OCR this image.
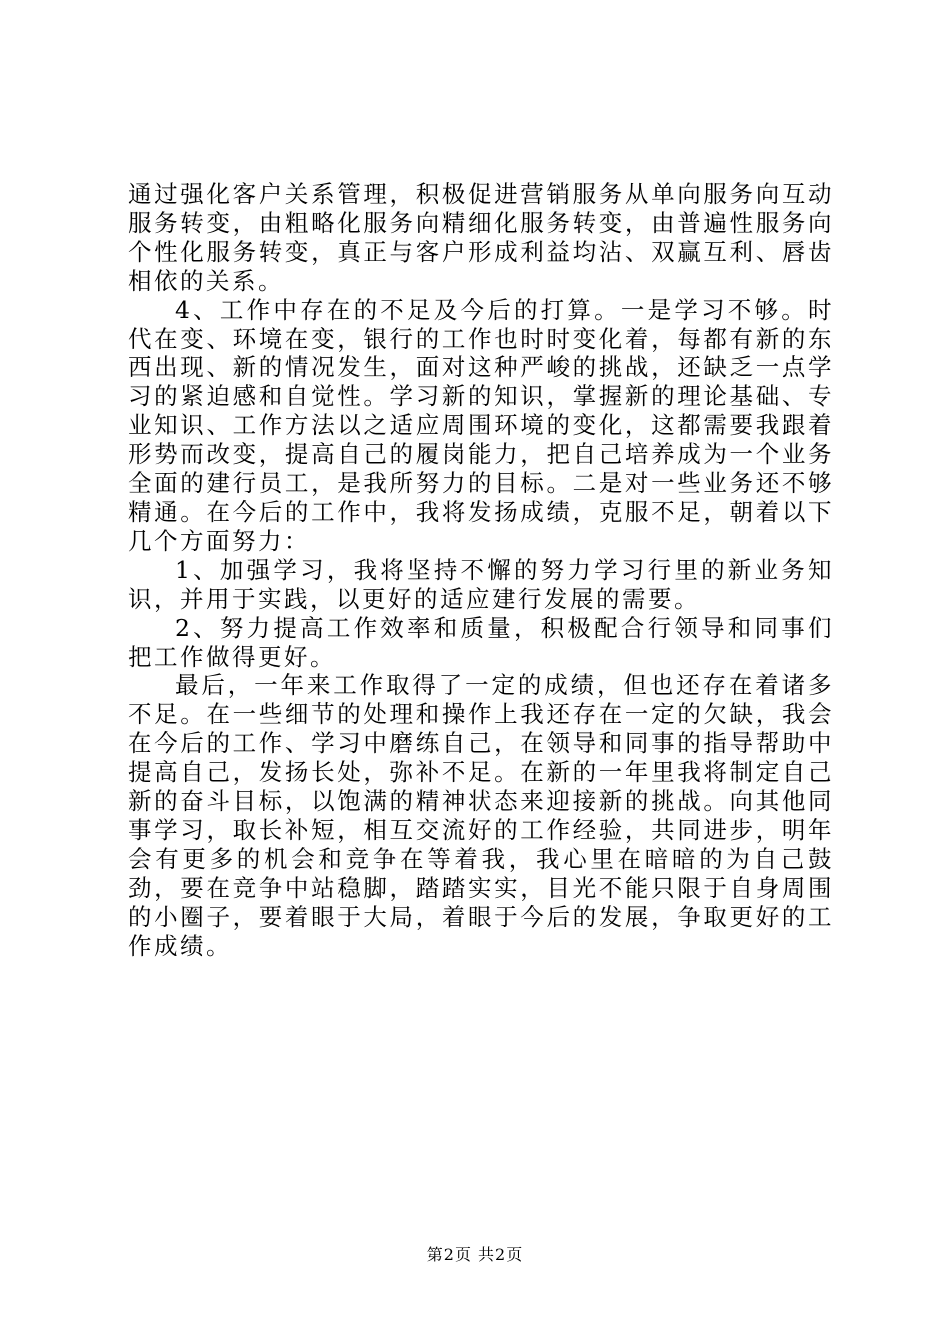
通过强化客户关系管理，积极促进营销服务从单向服务向互动服务转变，由粗略化服务向精细化服务转变，由普遍性服务向个性化服务转变，真正与客户形成利益均沾、双赢互利、唇齿相依的关系。

4、工作中存在的不足及今后的打算。一是学习不够。时代在变、环境在变，银行的工作也时时变化着，每都有新的东西出现、新的情况发生，面对这种严峻的挑战，还缺乏一点学习的紧迫感和自觉性。学习新的知识，掌握新的理论基础、专业知识、工作方法以之适应周围环境的变化，这都需要我跟着形势而改变，提高自己的履岗能力，把自己培养成为一个业务全面的建行员工，是我所努力的目标。二是对一些业务还不够精通。在今后的工作中，我将发扬成绩，克服不足，朝着以下几个方面努力：

1、加强学习，我将坚持不懈的努力学习行里的新业务知识，并用于实践，以更好的适应建行发展的需要。

2、努力提高工作效率和质量，积极配合行领导和同事们把工作做得更好。

最后，一年来工作取得了一定的成绩，但也还存在着诸多不足。在一些细节的处理和操作上我还存在一定的欠缺，我会在今后的工作、学习中磨练自己，在领导和同事的指导帮助中提高自己，发扬长处，弥补不足。在新的一年里我将制定自己新的奋斗目标，以饱满的精神状态来迎接新的挑战。向其他同事学习，取长补短，相互交流好的工作经验，共同进步，明年会有更多的机会和竞争在等着我，我心里在暗暗的为自己鼓劲，要在竞争中站稳脚，踏踏实实，目光不能只限于自身周围的小圈子，要着眼于大局，着眼于今后的发展，争取更好的工作成绩。

第2页 共2页
